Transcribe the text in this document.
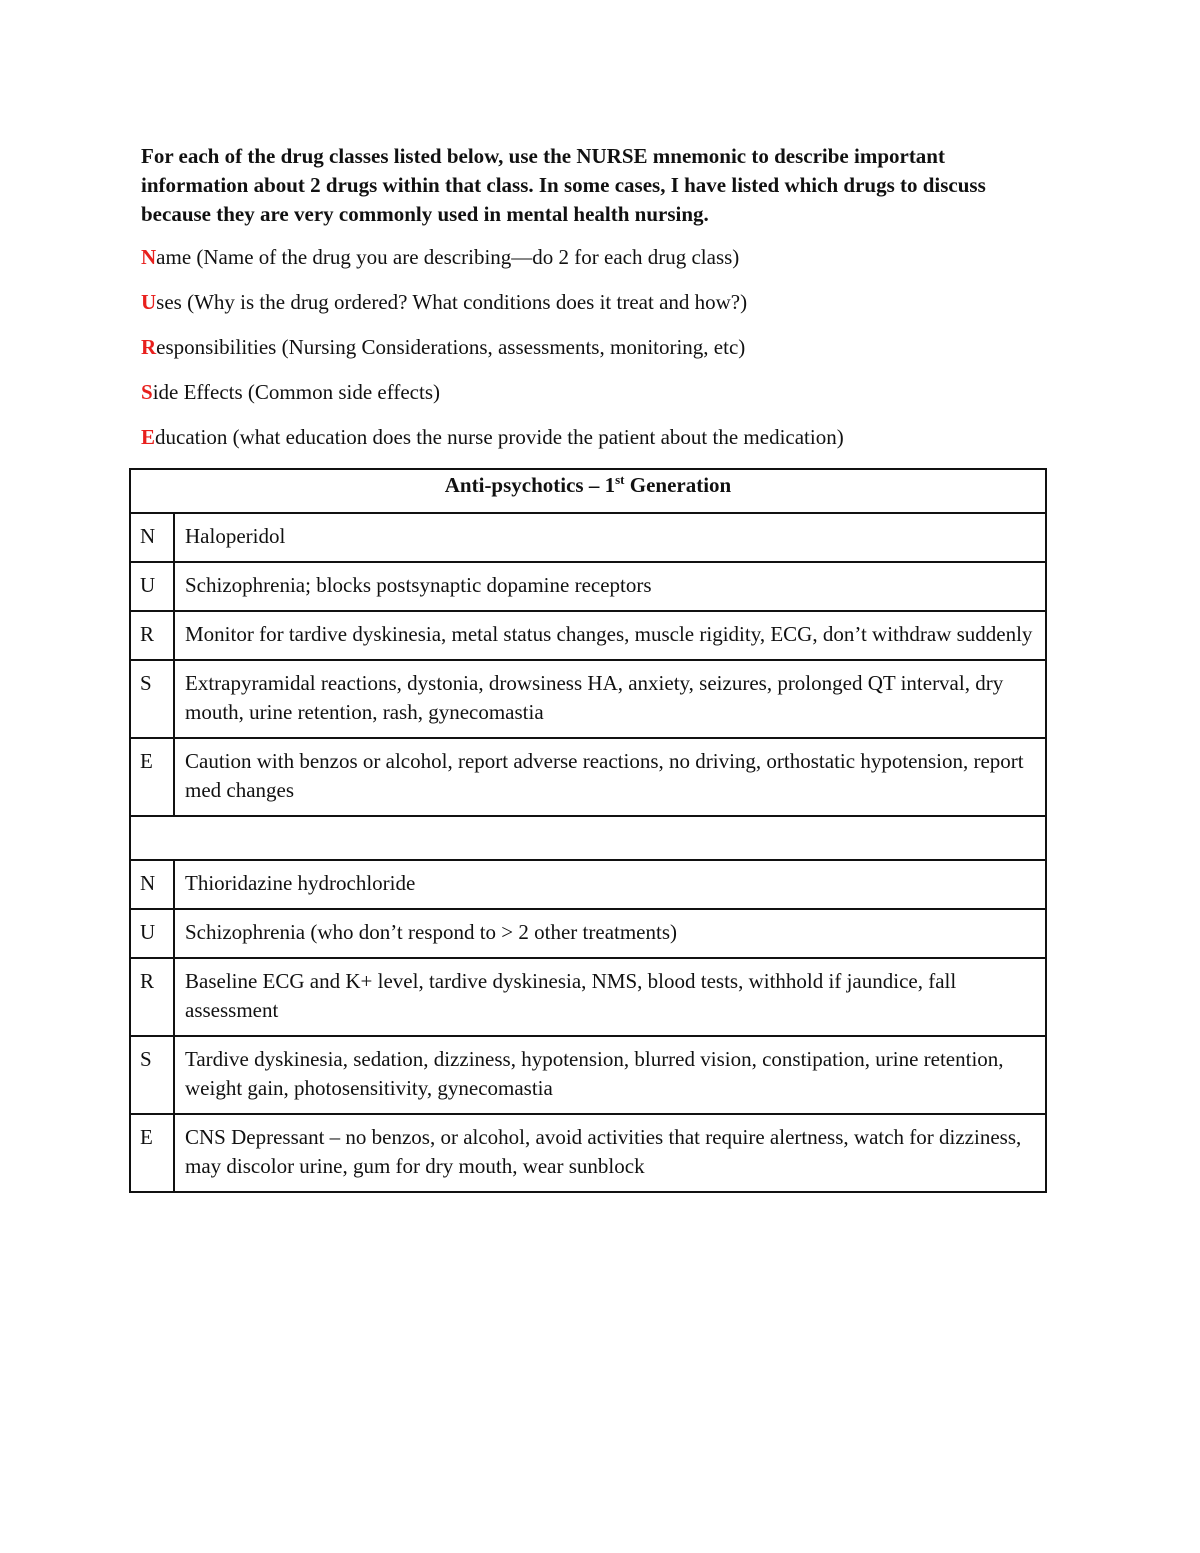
For each of the drug classes listed below, use the NURSE mnemonic to describe important information about 2 drugs within that class. In some cases, I have listed which drugs to discuss because they are very commonly used in mental health nursing.

Name (Name of the drug you are describing—do 2 for each drug class)

Uses (Why is the drug ordered? What conditions does it treat and how?)

Responsibilities (Nursing Considerations, assessments, monitoring, etc)

Side Effects (Common side effects)

Education (what education does the nurse provide the patient about the medication)

Anti-psychotics – 1st Generation	
N	Haloperidol
U	Schizophrenia; blocks postsynaptic dopamine receptors
R	Monitor for tardive dyskinesia, metal status changes, muscle rigidity, ECG, don’t withdraw suddenly
S	Extrapyramidal reactions, dystonia, drowsiness HA, anxiety, seizures, prolonged QT interval, dry mouth, urine retention, rash, gynecomastia
E	Caution with benzos or alcohol, report adverse reactions, no driving, orthostatic hypotension, report med changes

N	Thioridazine hydrochloride
U	Schizophrenia (who don’t respond to > 2 other treatments)
R	Baseline ECG and K+ level, tardive dyskinesia, NMS, blood tests, withhold if jaundice, fall assessment
S	Tardive dyskinesia, sedation, dizziness, hypotension, blurred vision, constipation, urine retention, weight gain, photosensitivity, gynecomastia
E	CNS Depressant – no benzos, or alcohol, avoid activities that require alertness, watch for dizziness, may discolor urine, gum for dry mouth, wear sunblock
